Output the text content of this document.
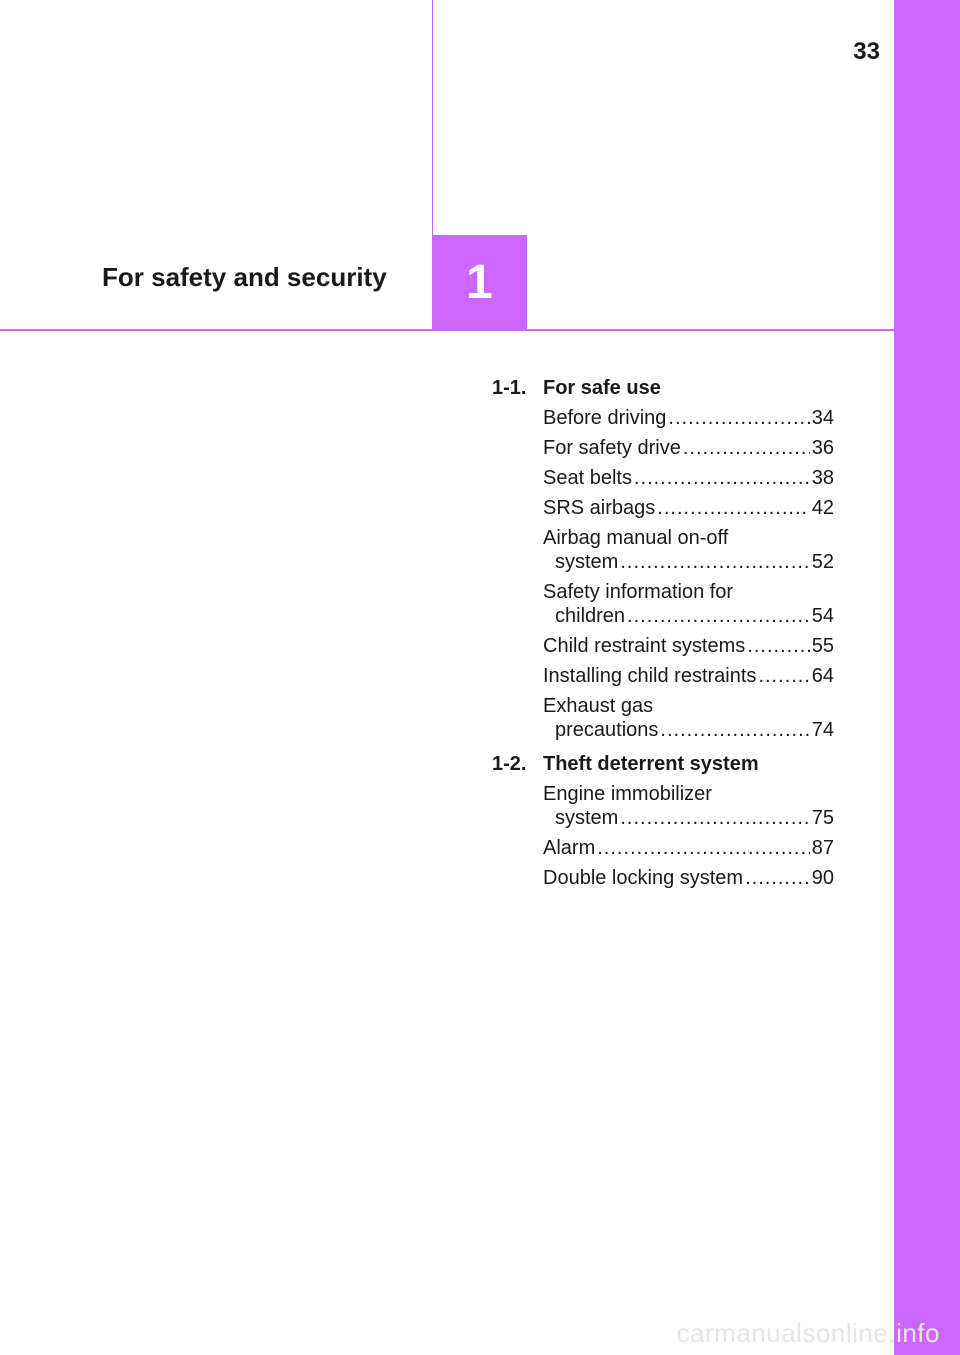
33
For safety and security	1
1-1. For safe use
Before driving .....	34
For safety drive .....	36
Seat belts .....	38
SRS airbags .....	42
Airbag manual on-off
system .....	52
Safety information for
children .....	54
Child restraint systems .....	55
Installing child restraints .....	64
Exhaust gas
precautions .....	74
1-2. Theft deterrent system
Engine immobilizer
system .....	75
Alarm .....	87
Double locking system .....	90
carmanualsonline.info
